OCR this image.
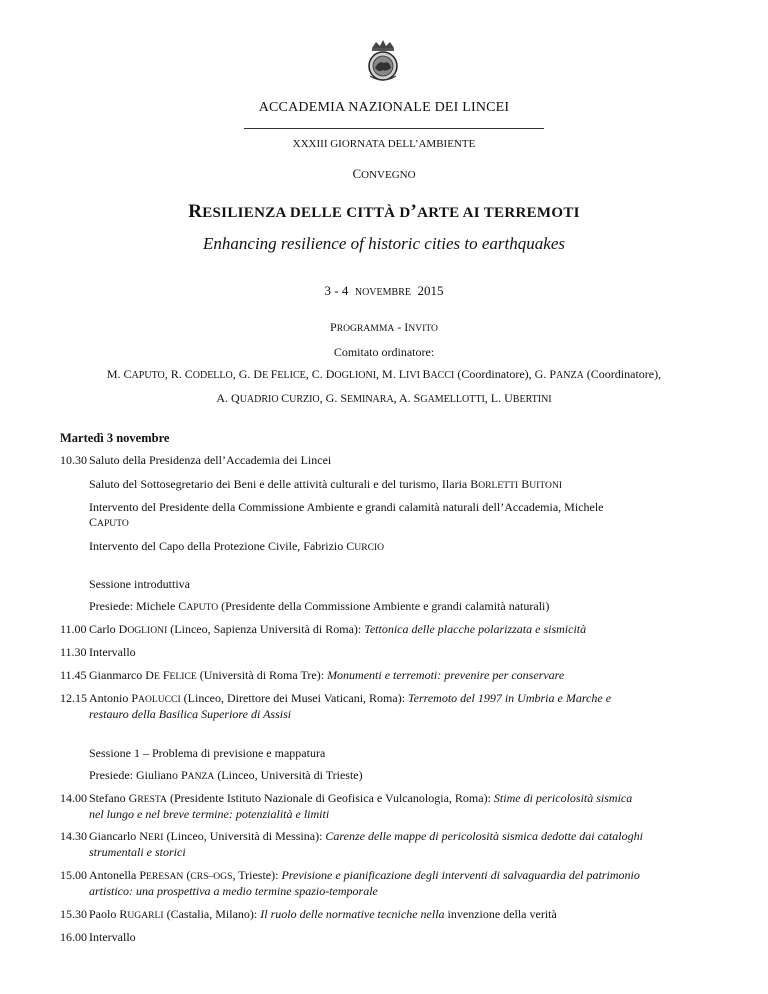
ACCADEMIA NAZIONALE DEI LINCEI
XXXIII GIORNATA DELL’AMBIENTE
CONVEGNO
RESILIENZA DELLE CITTÀ D’ARTE AI TERREMOTI
Enhancing resilience of historic cities to earthquakes
3 - 4 NOVEMBRE 2015
PROGRAMMA - INVITO
Comitato ordinatore:
M. CAPUTO, R. CODELLO, G. DE FELICE, C. DOGLIONI, M. LIVI BACCI (Coordinatore), G. PANZA (Coordinatore),
A. QUADRIO CURZIO, G. SEMINARA, A. SGAMELLOTTI, L. UBERTINI
Martedì 3 novembre
10.30 Saluto della Presidenza dell’Accademia dei Lincei
Saluto del Sottosegretario dei Beni e delle attività culturali e del turismo, Ilaria BORLETTI BUITONI
Intervento del Presidente della Commissione Ambiente e grandi calamità naturali dell’Accademia, Michele
CAPUTO
Intervento del Capo della Protezione Civile, Fabrizio CURCIO
Sessione introduttiva
Presiede: Michele CAPUTO (Presidente della Commissione Ambiente e grandi calamità naturali)
11.00 Carlo DOGLIONI (Linceo, Sapienza Università di Roma): Tettonica delle placche polarizzata e sismicità
11.30 Intervallo
11.45 Gianmarco DE FELICE (Università di Roma Tre): Monumenti e terremoti: prevenire per conservare
12.15 Antonio PAOLUCCI (Linceo, Direttore dei Musei Vaticani, Roma): Terremoto del 1997 in Umbria e Marche e
restauro della Basilica Superiore di Assisi
Sessione 1 – Problema di previsione e mappatura
Presiede: Giuliano PANZA (Linceo, Università di Trieste)
14.00 Stefano GRESTA (Presidente Istituto Nazionale di Geofisica e Vulcanologia, Roma): Stime di pericolosità sismica
nel lungo e nel breve termine: potenzialità e limiti
14.30 Giancarlo NERI (Linceo, Università di Messina): Carenze delle mappe di pericolosità sismica dedotte dai cataloghi
strumentali e storici
15.00 Antonella PERESAN (CRS–OGS, Trieste): Previsione e pianificazione degli interventi di salvaguardia del patrimonio
artistico: una prospettiva a medio termine spazio-temporale
15.30 Paolo RUGARLI (Castalia, Milano): Il ruolo delle normative tecniche nella invenzione della verità
16.00 Intervallo
